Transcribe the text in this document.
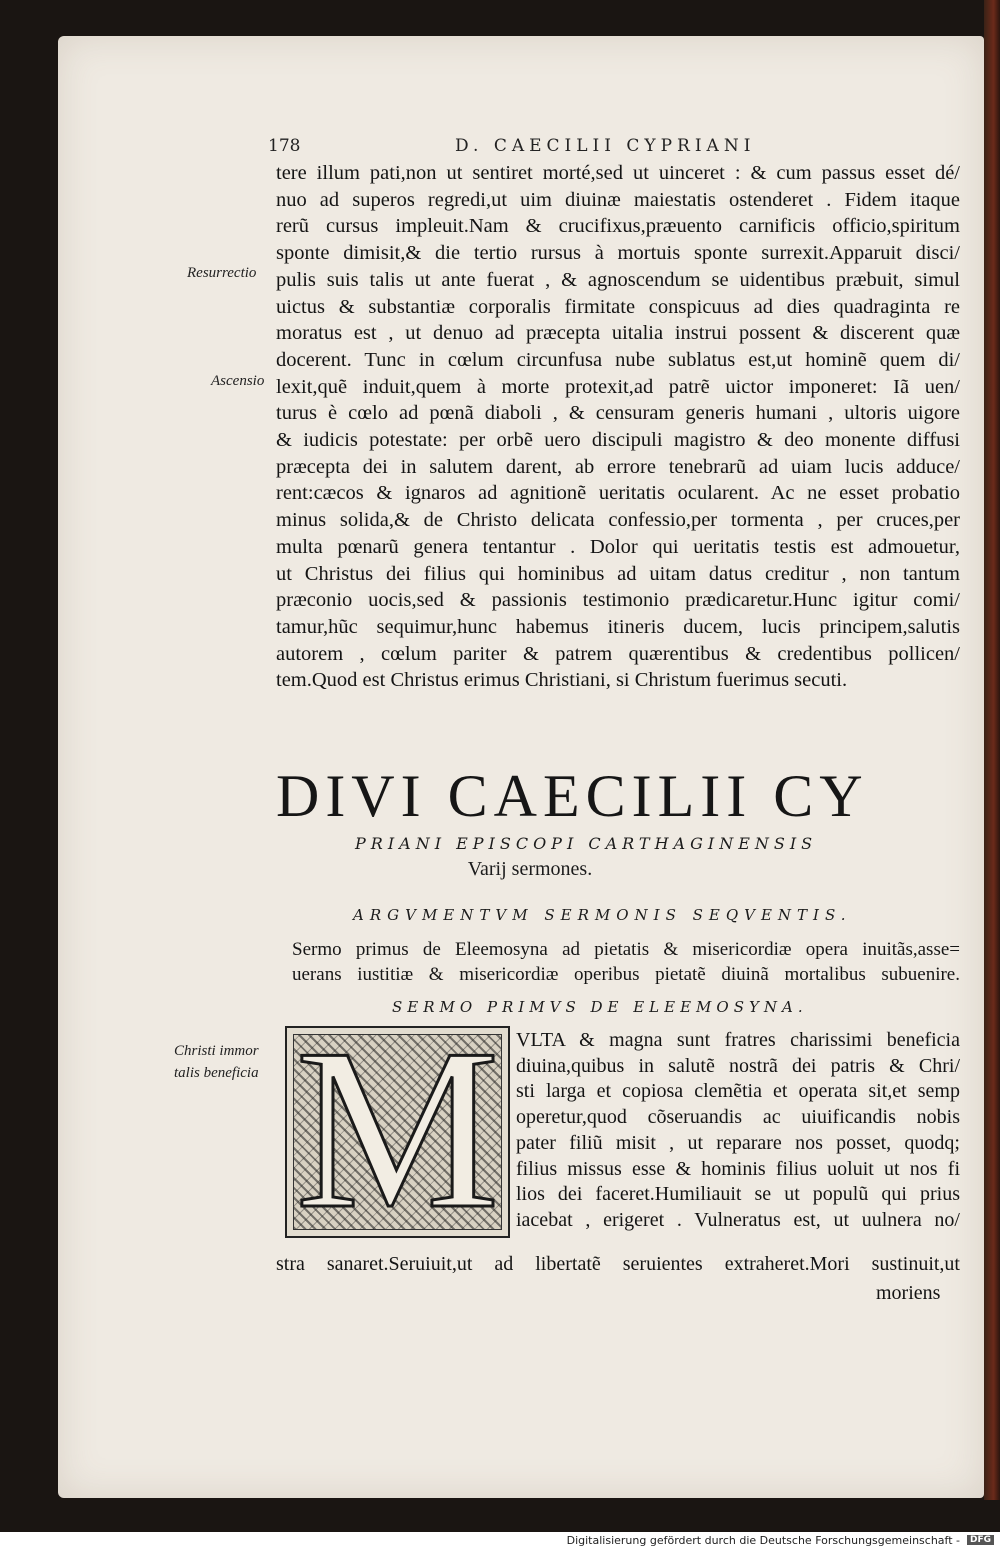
178	D. CAECILII CYPRIANI
tere illum pati,non ut sentiret morté,sed ut uinceret : & cum passus esset dé/
nuo ad superos regredi,ut uim diuinæ maiestatis ostenderet . Fidem itaque
rerũ cursus impleuit.Nam & crucifixus,præuento carnificis officio,spiritum
sponte dimisit,& die tertio rursus à mortuis sponte surrexit.Apparuit disci/
pulis suis talis ut ante fuerat , & agnoscendum se uidentibus præbuit, simul
uictus & substantiæ corporalis firmitate conspicuus ad dies quadraginta re
moratus est , ut denuo ad præcepta uitalia instrui possent & discerent quæ
docerent. Tunc in cœlum circunfusa nube sublatus est,ut hominẽ quem di/
lexit,quẽ induit,quem à morte protexit,ad patrẽ uictor imponeret: Iã uen/
turus è cœlo ad pœnã diaboli , & censuram generis humani , ultoris uigore
& iudicis potestate: per orbẽ uero discipuli magistro & deo monente diffusi
præcepta dei in salutem darent, ab errore tenebrarũ ad uiam lucis adduce/
rent:cæcos & ignaros ad agnitionẽ ueritatis ocularent. Ac ne esset probatio
minus solida,& de Christo delicata confessio,per tormenta , per cruces,per
multa pœnarũ genera tentantur . Dolor qui ueritatis testis est admouetur,
ut Christus dei filius qui hominibus ad uitam datus creditur , non tantum
præconio uocis,sed & passionis testimonio prædicaretur.Hunc igitur comi/
tamur,hũc sequimur,hunc habemus itineris ducem, lucis principem,salutis
autorem , cœlum pariter & patrem quærentibus & credentibus pollicen/
tem.Quod est Christus erimus Christiani, si Christum fuerimus secuti.
Resurrectio
Ascensio
DIVI CAECILII CY
PRIANI EPISCOPI CARTHAGINENSIS
Varij sermones.
ARGVMENTVM SERMONIS SEQVENTIS.
Sermo primus de Eleemosyna ad pietatis & misericordiæ opera inuitãs,asse=
uerans iustitiæ & misericordiæ operibus pietatẽ diuinã mortalibus subuenire.
SERMO PRIMVS DE ELEEMOSYNA.
Christi immor
talis beneficia M VLTA & magna sunt fratres charissimi beneficia
diuina,quibus in salutẽ nostrã dei patris & Chri/
sti larga et copiosa clemẽtia et operata sit,et semp
operetur,quod cõseruandis ac uiuificandis nobis
pater filiũ misit , ut reparare nos posset, quodq;
filius missus esse & hominis filius uoluit ut nos fi
lios dei faceret.Humiliauit se ut populũ qui prius
iacebat , erigeret . Vulneratus est, ut uulnera no/
stra sanaret.Seruiuit,ut ad libertatẽ seruientes extraheret.Mori sustinuit,ut
moriens
Digitalisierung gefördert durch die Deutsche Forschungsgemeinschaft -	DFG
